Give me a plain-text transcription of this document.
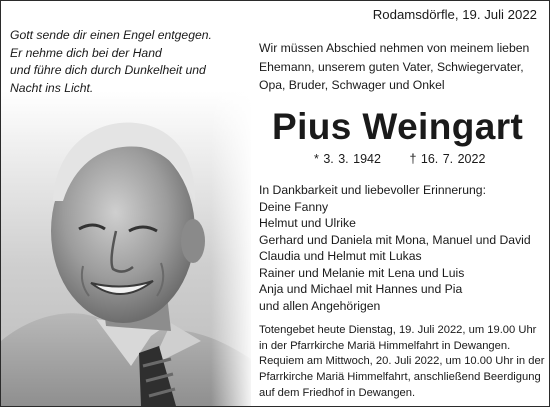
Rodamsdörfle, 19. Juli 2022
Gott sende dir einen Engel entgegen.
Er nehme dich bei der Hand
und führe dich durch Dunkelheit und
Nacht ins Licht.
Wir müssen Abschied nehmen von meinem lieben
Ehemann, unserem guten Vater, Schwiegervater,
Opa, Bruder, Schwager und Onkel
Pius Weingart
* 3. 3. 1942 † 16. 7. 2022
In Dankbarkeit und liebevoller Erinnerung:
Deine Fanny
Helmut und Ulrike
Gerhard und Daniela mit Mona, Manuel und David
Claudia und Helmut mit Lukas
Rainer und Melanie mit Lena und Luis
Anja und Michael mit Hannes und Pia
und allen Angehörigen
Totengebet heute Dienstag, 19. Juli 2022, um 19.00 Uhr
in der Pfarrkirche Mariä Himmelfahrt in Dewangen.
Requiem am Mittwoch, 20. Juli 2022, um 10.00 Uhr in der
Pfarrkirche Mariä Himmelfahrt, anschließend Beerdigung
auf dem Friedhof in Dewangen.
